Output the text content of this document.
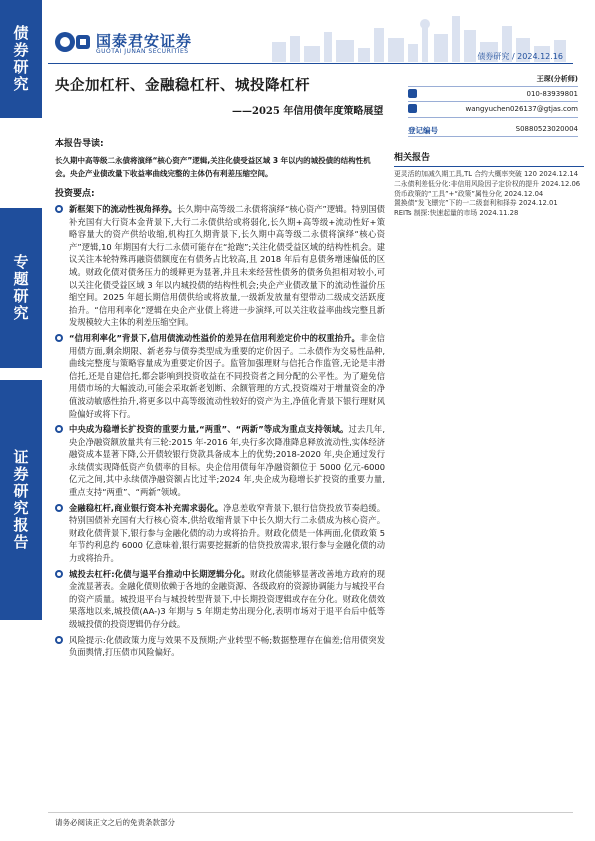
债券研究
专题研究
证券研究报告
国泰君安证券
GUOTAI JUNAN SECURITIES
债券研究 / 2024.12.16
央企加杠杆、金融稳杠杆、城投降杠杆
——2025 年信用债年度策略展望
王琛(分析师)
010-83939801
wangyuchen026137@gtjas.com
登记编号	S0880523020004
本报告导读:
长久期中高等级二永债将演绎“核心资产”逻辑,关注化债受益区域 3 年以内的城投债的结构性机会。央企产业债改量下收益率曲线完整的主体仍有利差压缩空间。
投资要点:
新框架下的流动性视角择券。长久期中高等级二永债将演绎“核心资产”逻辑。特别国债补充国有大行资本金背景下,大行二永债供给或将弱化,长久期+高等级+流动性好+策略容量大的资产供给收缩,机构扛久期背景下,长久期中高等级二永债将演绎“核心资产”逻辑,10 年期国有大行二永债可能存在“抢跑”;关注化债受益区域的结构性机会。建议关注本轮特殊再融资债额度在有债务占比较高,且 2018 年后有息债务增速偏低的区域。财政化债对债务压力的缓释更为显著,并且未来经营性债务的债务负担相对较小,可以关注化债受益区域 3 年以内城投债的结构性机会;央企产业债改量下的流动性溢价压缩空间。2025 年超长期信用债供给或将放量,一级新发放量有望带动二级成交活跃度抬升。“信用利率化”逻辑在央企产业债上将进一步演绎,可以关注收益率曲线完整且新发规模较大主体的利差压缩空间。
“信用利率化”背景下,信用债流动性溢价的差异在信用利差定价中的权重抬升。非金信用债方面,剩余期限、新老券与债券类型成为重要的定价因子。二永债作为交易性品种,曲线完整度与策略容量成为重要定价因子。监管加强理财与信托合作监管,无论是丰滑信托,还是自建信托,都会影响到投资收益在不同投资者之间分配的公平性。为了避免信用债市场的大幅波动,可能会采取新老划断、余额管理的方式,投资端对于增量资金的净值波动敏感性抬升,将更多以中高等级流动性较好的资产为主,净值化背景下银行理财风险偏好或将下行。
中央成为稳增长扩投资的重要力量,“两重”、“两新”等成为重点支持领域。过去几年,央企净融资额放量共有三轮:2015 年-2016 年,央行多次降准降息释放流动性,实体经济融资成本显著下降,公开债较银行贷款具备成本上的优势;2018-2020 年,央企通过发行永续债实现降低资产负债率的目标。央企信用债每年净融资额位于 5000 亿元-6000 亿元之间,其中永续债净融资额占比过半;2024 年,央企成为稳增长扩投资的重要力量,重点支持“两重”、“两新”领域。
金融稳杠杆,商业银行资本补充需求弱化。净息差收窄背景下,银行信贷投放节奏趋缓。特别国债补充国有大行核心资本,供给收缩背景下中长久期大行二永债成为核心资产。财政化债背景下,银行参与金融化债的动力或将抬升。财政化债是一体两面,化债政策 5 年节约利息约 6000 亿意味着,银行需要挖掘新的信贷投放需求,银行参与金融化债的动力或将抬升。
城投去杠杆:化债与退平台推动中长期逻辑分化。财政化债能够显著改善地方政府的现金流显著表。金融化债则依赖于各地的金融资源、各级政府的资源协调能力与城投平台的资产质量。城投退平台与城投转型背景下,中长期投资逻辑或存在分化。财政化债效果落地以来,城投债(AA-)3 年期与 5 年期走势出现分化,表明市场对于退平台后中低等级城投债的投资逻辑仍存分歧。
风险提示:化债政策力度与效果不及预期;产业转型不畅;数据整理存在偏差;信用债突发负面舆情,打压债市风险偏好。
相关报告
更灵活的加减久期工具,TL 合约大概率突破 120 2024.12.14
二永债利差低分化:非信用风险因子定价权的提升 2024.12.06
货币政策的“工具”+“政策”属性分化 2024.12.04
置换债“发飞镖完”下的一二级套利和择券 2024.12.01
REITs 制探:快速起量的市场 2024.11.28
请务必阅读正文之后的免责条款部分
